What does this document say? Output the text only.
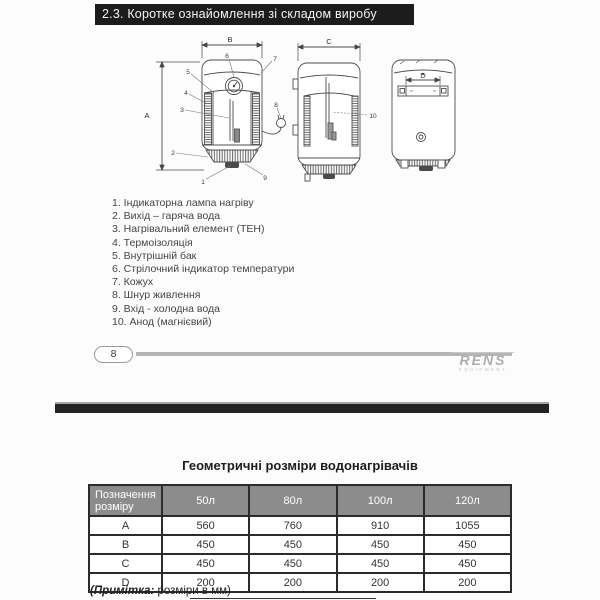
2.3. Коротке ознайомлення зі складом виробу
B
A
C
D
6	7
5
4
3
8
2
1
9
10
1. Індикаторна лампа нагріву
2. Вихід – гаряча вода
3. Нагрівальний елемент (ТЕН)
4. Термоізоляція
5. Внутрішній бак
6. Стрілочний індикатор температури
7. Кожух
8. Шнур живлення
9. Вхід - холодна вода
10. Анод (магнієвий)
8	RENS
EQUIPMENT
Геометричні розміри водонагрівачів
Позначення розміру	50л	80л	100л	120л
A	560	760	910	1055
B	450	450	450	450
C	450	450	450	450
D	200	200	200	200
(Примітка: розміри в мм)
